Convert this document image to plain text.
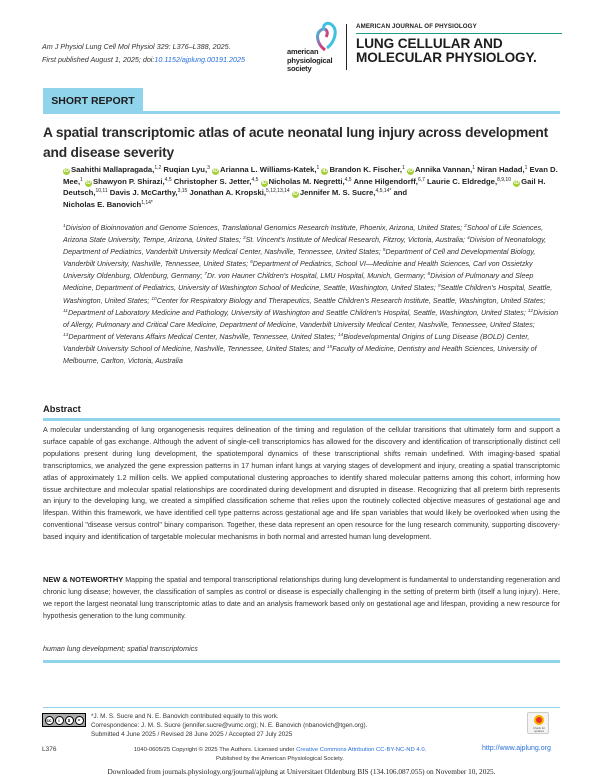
Am J Physiol Lung Cell Mol Physiol 329: L376–L388, 2025.
First published August 1, 2025; doi:10.1152/ajplung.00191.2025
american
physiological
society
AMERICAN JOURNAL OF PHYSIOLOGY
LUNG CELLULAR AND
MOLECULAR PHYSIOLOGY.
SHORT REPORT
A spatial transcriptomic atlas of acute neonatal lung injury across development and disease severity
iD Saahithi Mallapragada,$^{1,2}$ Ruqian Lyu,$^3$ iD Arianna L. Williams-Katek,$^1$ iD Brandon K. Fischer,$^1$ iD Annika Vannan,$^1$ Niran Hadad,$^1$ Evan D. Mee,$^1$ iD Shawyon P. Shirazi,$^{4,5}$ Christopher S. Jetter,$^{4,5}$ iD Nicholas M. Negretti,$^{4,5}$ Anne Hilgendorff,$^{6,7}$ Laurie C. Eldredge,$^{8,9,10}$ iD Gail H. Deutsch,$^{10,11}$ Davis J. McCarthy,$^{3,15}$ Jonathan A. Kropski,$^{5,12,13,14}$ iD Jennifer M. S. Sucre,$^{4,5,14*}$ and
Nicholas E. Banovich$^{1,14*}$
$^1$Division of Bioinnovation and Genome Sciences, Translational Genomics Research Institute, Phoenix, Arizona, United States; $^2$School of Life Sciences, Arizona State University, Tempe, Arizona, United States; $^3$St. Vincent's Institute of Medical Research, Fitzroy, Victoria, Australia; $^4$Division of Neonatology, Department of Pediatrics, Vanderbilt University Medical Center, Nashville, Tennessee, United States; $^5$Department of Cell and Developmental Biology, Vanderbilt University, Nashville, Tennessee, United States; $^6$Department of Pediatrics, School VI—Medicine and Health Sciences, Carl von Ossietzky University Oldenburg, Oldenburg, Germany; $^7$Dr. von Hauner Children's Hospital, LMU Hospital, Munich, Germany; $^8$Division of Pulmonary and Sleep Medicine, Department of Pediatrics, University of Washington School of Medicine, Seattle, Washington, United States; $^9$Seattle Children's Hospital, Seattle, Washington, United States; $^{10}$Center for Respiratory Biology and Therapeutics, Seattle Children's Research Institute, Seattle, Washington, United States; $^{11}$Department of Laboratory Medicine and Pathology, University of Washington and Seattle Children's Hospital, Seattle, Washington, United States; $^{12}$Division of Allergy, Pulmonary and Critical Care Medicine, Department of Medicine, Vanderbilt University Medical Center, Nashville, Tennessee, United States; $^{13}$Department of Veterans Affairs Medical Center, Nashville, Tennessee, United States; $^{14}$Biodevelopmental Origins of Lung Disease (BOLD) Center, Vanderbilt University School of Medicine, Nashville, Tennessee, United States; and $^{15}$Faculty of Medicine, Dentistry and Health Sciences, University of Melbourne, Carlton, Victoria, Australia
Abstract

A molecular understanding of lung organogenesis requires delineation of the timing and regulation of the cellular transitions that ultimately form and support a surface capable of gas exchange. Although the advent of single-cell transcriptomics has allowed for the discovery and identification of transcriptionally distinct cell populations present during lung development, the spatiotemporal dynamics of these transcriptional shifts remain undefined. With imaging-based spatial transcriptomics, we analyzed the gene expression patterns in 17 human infant lungs at varying stages of development and injury, creating a spatial transcriptomic atlas of approximately 1.2 million cells. We applied computational clustering approaches to identify shared molecular patterns among this cohort, informing how tissue architecture and molecular spatial relationships are coordinated during development and disrupted in disease. Recognizing that all preterm birth represents an injury to the developing lung, we created a simplified classification scheme that relies upon the routinely collected objective measures of gestational age and lifespan. Within this framework, we have identified cell type patterns across gestational age and life span variables that would likely be overlooked when using the conventional "disease versus control" binary comparison. Together, these data represent an open resource for the lung research community, supporting discovery-based inquiry and identification of targetable molecular mechanisms in both normal and arrested human lung development.

NEW & NOTEWORTHY Mapping the spatial and temporal transcriptional relationships during lung development is fundamental to understanding regeneration and chronic lung disease; however, the classification of samples as control or disease is especially challenging in the setting of preterm birth (itself a lung injury). Here, we report the largest neonatal lung transcriptomic atlas to date and an analysis framework based only on gestational age and lifespan, providing a new resource for hypothesis generation to the lung community.

human lung development; spatial transcriptomics
cc	i	$	=	*J. M. S. Sucre and N. E. Banovich contributed equally to this work.
Correspondence: J. M. S. Sucre (jennifer.sucre@vumc.org); N. E. Banovich (nbanovich@tgen.org).
Submitted 4 June 2025 / Revised 28 June 2025 / Accepted 27 July 2025
Check for updates
L376	1040-0605/25 Copyright © 2025 The Authors. Licensed under Creative Commons Attribution CC-BY-NC-ND 4.0.
Published by the American Physiological Society.
http://www.ajplung.org
Downloaded from journals.physiology.org/journal/ajplung at Universitaet Oldenburg BIS (134.106.087.055) on November 10, 2025.
